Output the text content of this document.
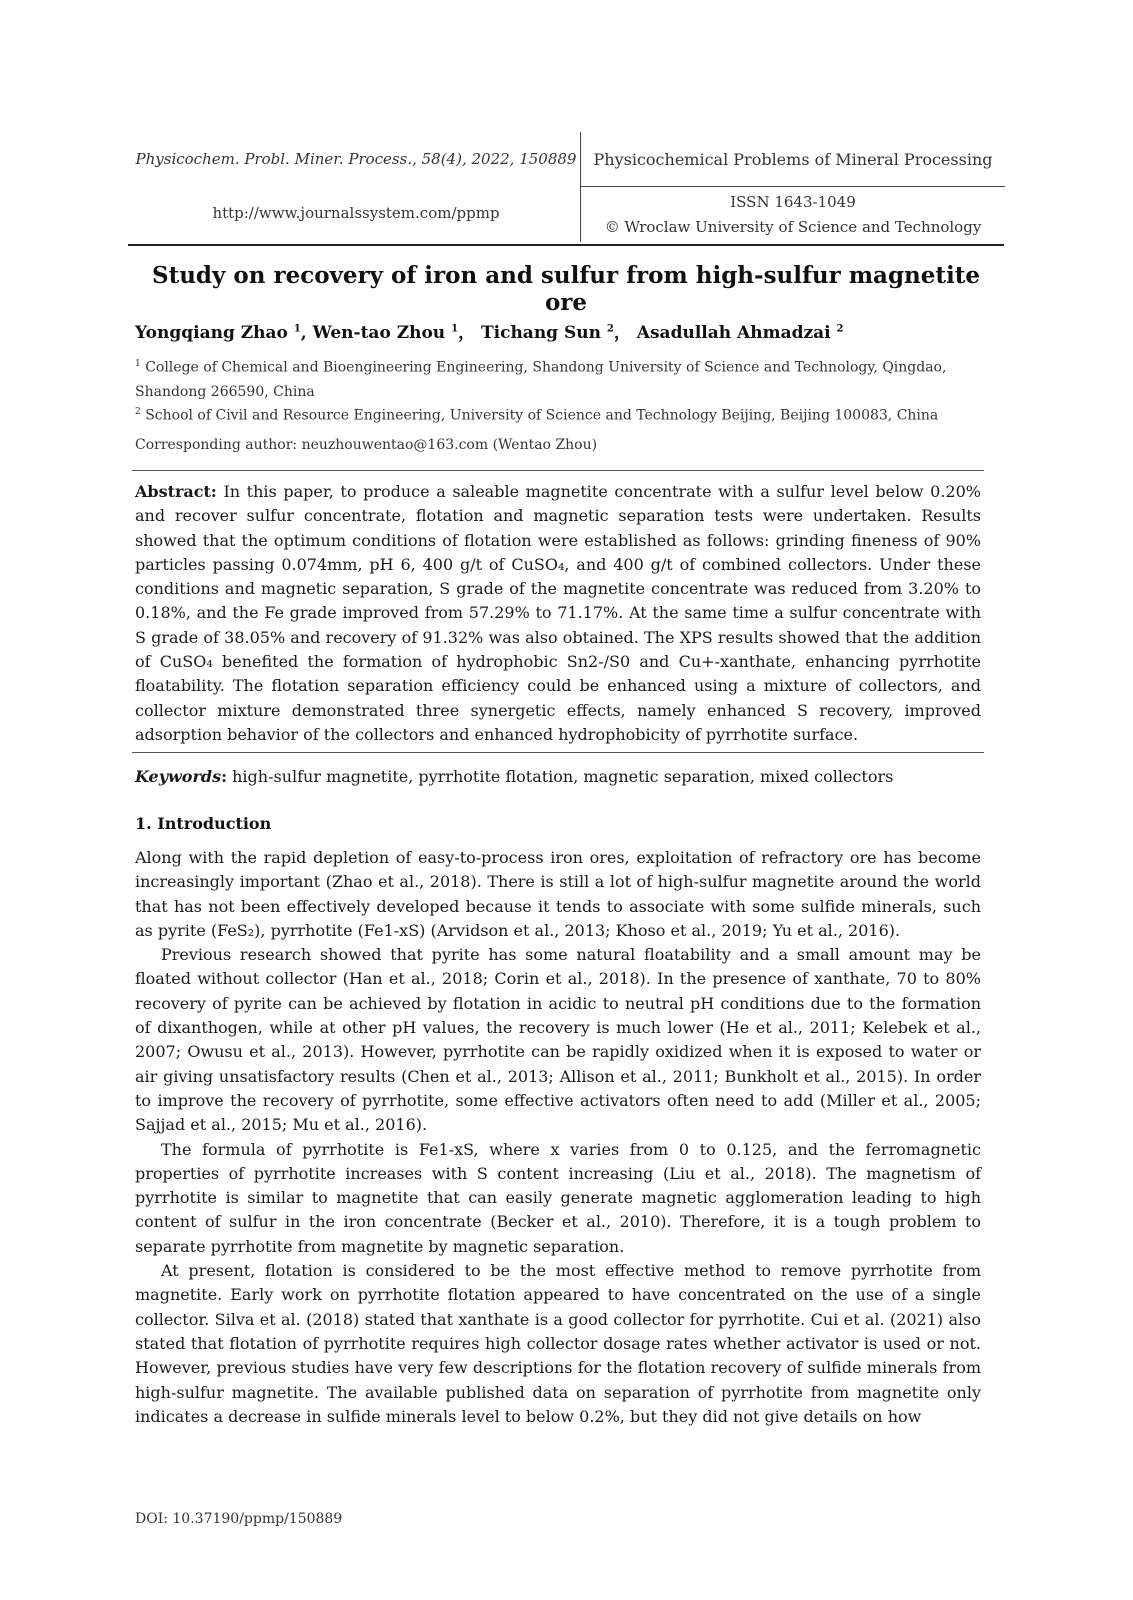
Physicochem. Probl. Miner. Process., 58(4), 2022, 150889
http://www.journalssystem.com/ppmp
Physicochemical Problems of Mineral Processing
ISSN 1643-1049
© Wroclaw University of Science and Technology
Study on recovery of iron and sulfur from high-sulfur magnetite ore
Yongqiang Zhao $^1$, Wen-tao Zhou $^1$， Tichang Sun $^2$， Asadullah Ahmadzai $^2$
$^1$ College of Chemical and Bioengineering Engineering, Shandong University of Science and Technology, Qingdao, Shandong 266590, China
$^2$ School of Civil and Resource Engineering, University of Science and Technology Beijing, Beijing 100083, China
Corresponding author: neuzhouwentao@163.com (Wentao Zhou)
Abstract: In this paper, to produce a saleable magnetite concentrate with a sulfur level below 0.20% and recover sulfur concentrate, flotation and magnetic separation tests were undertaken. Results showed that the optimum conditions of flotation were established as follows: grinding fineness of 90% particles passing 0.074mm, pH 6, 400 g/t of CuSO₄, and 400 g/t of combined collectors. Under these conditions and magnetic separation, S grade of the magnetite concentrate was reduced from 3.20% to 0.18%, and the Fe grade improved from 57.29% to 71.17%. At the same time a sulfur concentrate with S grade of 38.05% and recovery of 91.32% was also obtained. The XPS results showed that the addition of CuSO₄ benefited the formation of hydrophobic Sn2-/S0 and Cu+-xanthate, enhancing pyrrhotite floatability. The flotation separation efficiency could be enhanced using a mixture of collectors, and collector mixture demonstrated three synergetic effects, namely enhanced S recovery, improved adsorption behavior of the collectors and enhanced hydrophobicity of pyrrhotite surface.
Keywords: high-sulfur magnetite, pyrrhotite flotation, magnetic separation, mixed collectors
1. Introduction

Along with the rapid depletion of easy-to-process iron ores, exploitation of refractory ore has become increasingly important (Zhao et al., 2018). There is still a lot of high-sulfur magnetite around the world that has not been effectively developed because it tends to associate with some sulfide minerals, such as pyrite (FeS₂), pyrrhotite (Fe1-xS) (Arvidson et al., 2013; Khoso et al., 2019; Yu et al., 2016).

Previous research showed that pyrite has some natural floatability and a small amount may be floated without collector (Han et al., 2018; Corin et al., 2018). In the presence of xanthate, 70 to 80% recovery of pyrite can be achieved by flotation in acidic to neutral pH conditions due to the formation of dixanthogen, while at other pH values, the recovery is much lower (He et al., 2011; Kelebek et al., 2007; Owusu et al., 2013). However, pyrrhotite can be rapidly oxidized when it is exposed to water or air giving unsatisfactory results (Chen et al., 2013; Allison et al., 2011; Bunkholt et al., 2015). In order to improve the recovery of pyrrhotite, some effective activators often need to add (Miller et al., 2005; Sajjad et al., 2015; Mu et al., 2016).

The formula of pyrrhotite is Fe1-xS, where x varies from 0 to 0.125, and the ferromagnetic properties of pyrrhotite increases with S content increasing (Liu et al., 2018). The magnetism of pyrrhotite is similar to magnetite that can easily generate magnetic agglomeration leading to high content of sulfur in the iron concentrate (Becker et al., 2010). Therefore, it is a tough problem to separate pyrrhotite from magnetite by magnetic separation.

At present, flotation is considered to be the most effective method to remove pyrrhotite from magnetite. Early work on pyrrhotite flotation appeared to have concentrated on the use of a single collector. Silva et al. (2018) stated that xanthate is a good collector for pyrrhotite. Cui et al. (2021) also stated that flotation of pyrrhotite requires high collector dosage rates whether activator is used or not. However, previous studies have very few descriptions for the flotation recovery of sulfide minerals from high-sulfur magnetite. The available published data on separation of pyrrhotite from magnetite only indicates a decrease in sulfide minerals level to below 0.2%, but they did not give details on how

DOI: 10.37190/ppmp/150889
